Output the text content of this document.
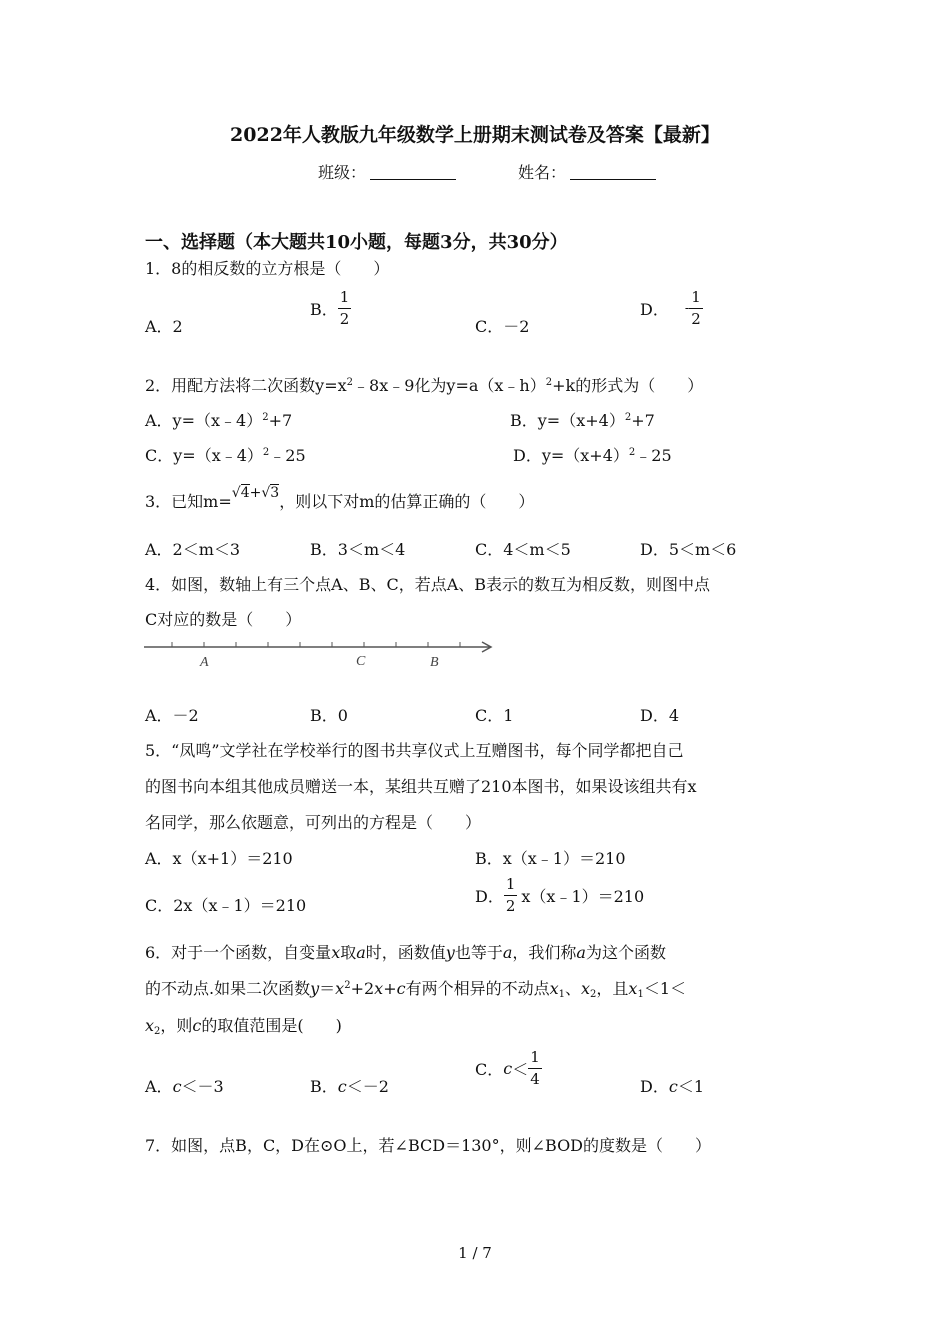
2022年人教版九年级数学上册期末测试卷及答案【最新】
班级：	姓名：
一、选择题（本大题共10小题，每题3分，共30分）
1．8的相反数的立方根是（　　）
A．2
B． $\frac{1}{2}$	C．－2
D． - $\frac{1}{2}$
2．用配方法将二次函数$y=x^2﹣8x﹣9$化为y=a（x﹣h）$^2$+k的形式为（　　）
A．y=（x﹣4）$^2$+7	B．$y=(x+4)^2+7$
C．y=（x﹣4）$^2$﹣25	D．$y=(x+4)^2﹣25$
3．已知m=√4+√3，则以下对m的估算正确的（　　）
A．2＜m＜3	B．3＜m＜4	C．4＜m＜5	D．5＜m＜6
4．如图，数轴上有三个点A、B、C，若点A、B表示的数互为相反数，则图中点
C对应的数是（　　）
A	C	B
A．－2	B．0	C．1	D．4
5．“凤鸣”文学社在学校举行的图书共享仪式上互赠图书，每个同学都把自己
的图书向本组其他成员赠送一本，某组共互赠了210本图书，如果设该组共有x
名同学，那么依题意，可列出的方程是（　　）
A．x（x+1）＝210	B．x（x﹣1）＝210
C．2x（x﹣1）＝210	D． $\frac{1}{2}$ x（x﹣1）＝210
6．对于一个函数，自变量x取a时，函数值y也等于a，我们称a为这个函数
的不动点.如果二次函数$y=x^2+2x+c$有两个相异的不动点$x_1$、$x_2$，且$x_1<1<$
$x_2$，则c的取值范围是(　　)
A．c＜－3	B．c＜－2
C．$c< \frac{1}{4}$	D．c＜1
7．如图，点B，C，D在⊙O上，若∠BCD＝130°，则∠BOD的度数是（　　）
1 / 7
